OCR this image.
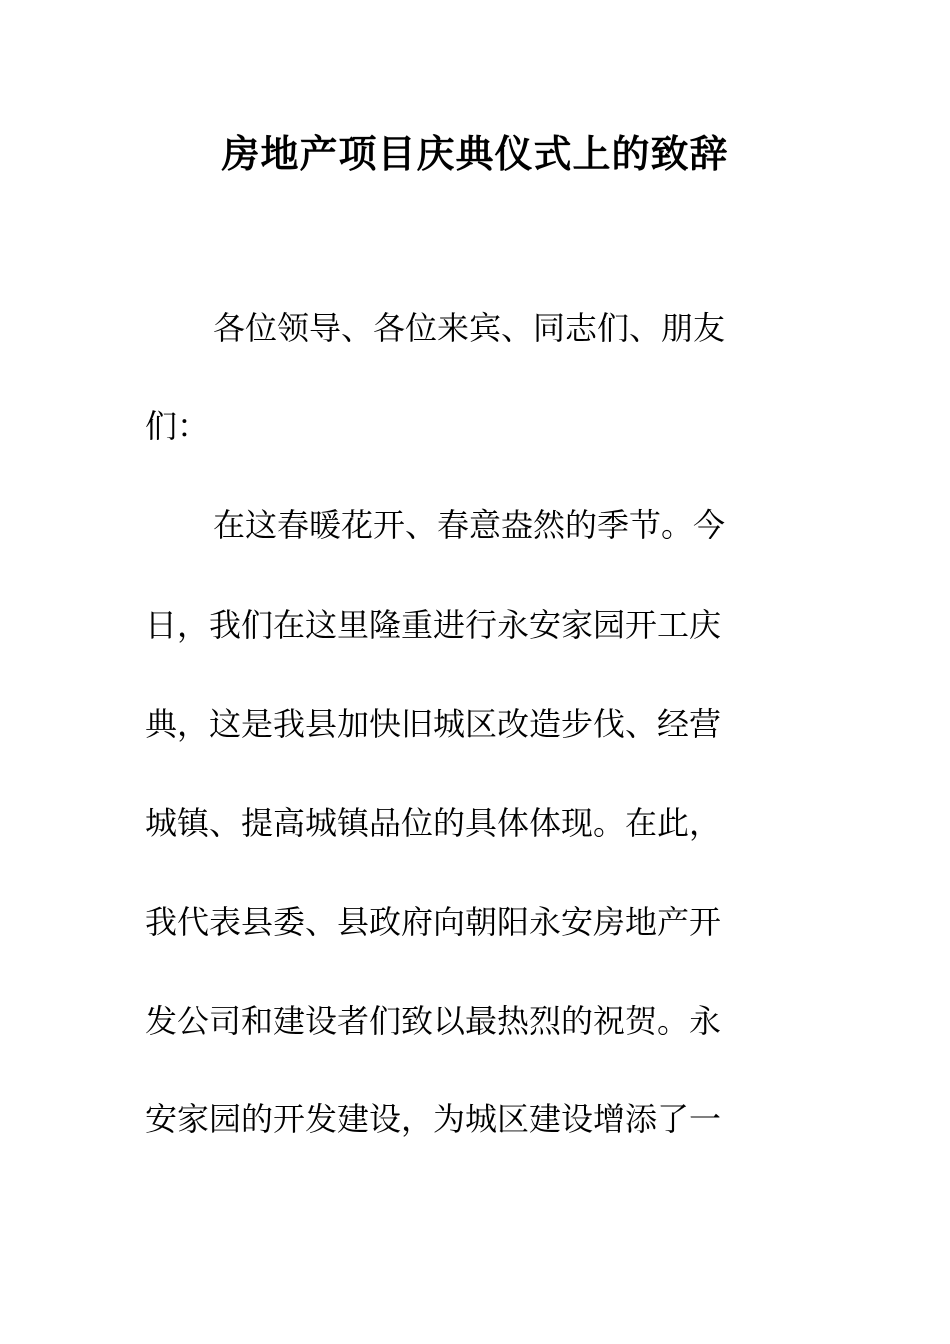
房地产项目庆典仪式上的致辞
各位领导、各位来宾、同志们、朋友
们：
在这春暖花开、春意盎然的季节。今
日，我们在这里隆重进行永安家园开工庆
典，这是我县加快旧城区改造步伐、经营
城镇、提高城镇品位的具体体现。在此，
我代表县委、县政府向朝阳永安房地产开
发公司和建设者们致以最热烈的祝贺。永
安家园的开发建设，为城区建设增添了一
